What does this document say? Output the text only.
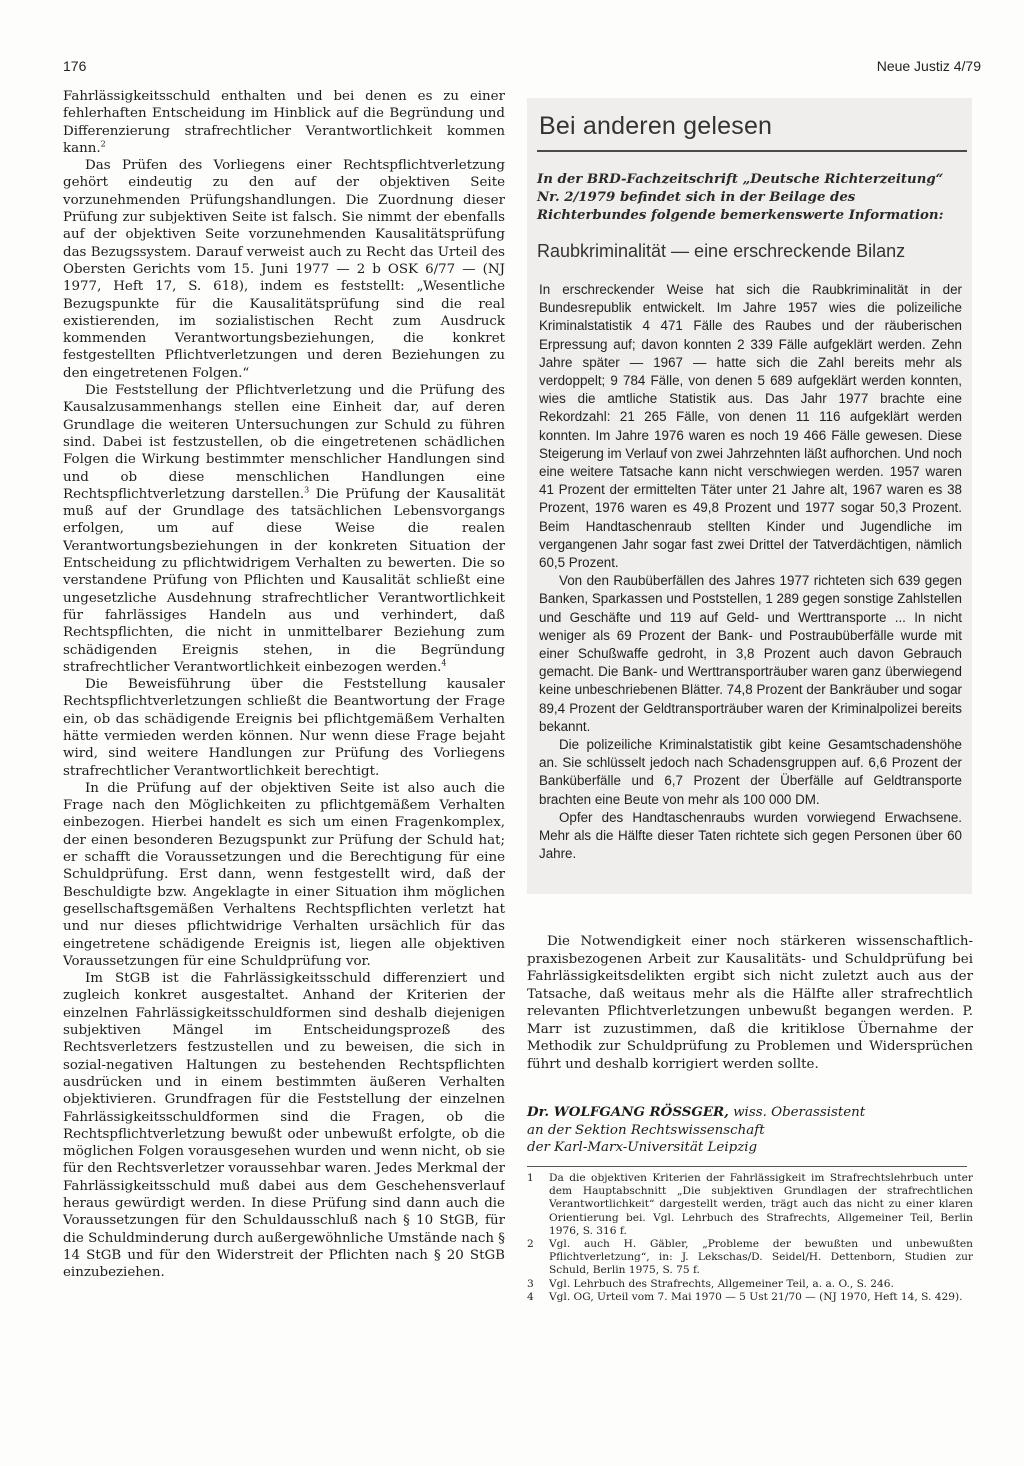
176	Neue Justiz 4/79

Fahrlässigkeitsschuld enthalten und bei denen es zu einer fehlerhaften Entscheidung im Hinblick auf die Begründung und Differenzierung strafrechtlicher Verantwortlichkeit kommen kann.$^2$

Das Prüfen des Vorliegens einer Rechtspflichtverletzung gehört eindeutig zu den auf der objektiven Seite vorzunehmenden Prüfungshandlungen. Die Zuordnung dieser Prüfung zur subjektiven Seite ist falsch. Sie nimmt der ebenfalls auf der objektiven Seite vorzunehmenden Kausalitätsprüfung das Bezugssystem. Darauf verweist auch zu Recht das Urteil des Obersten Gerichts vom 15. Juni 1977 — 2 b OSK 6/77 — (NJ 1977, Heft 17, S. 618), indem es feststellt: „Wesentliche Bezugspunkte für die Kausalitätsprüfung sind die real existierenden, im sozialistischen Recht zum Ausdruck kommenden Verantwortungsbeziehungen, die konkret festgestellten Pflichtverletzungen und deren Beziehungen zu den eingetretenen Folgen.“

Die Feststellung der Pflichtverletzung und die Prüfung des Kausalzusammenhangs stellen eine Einheit dar, auf deren Grundlage die weiteren Untersuchungen zur Schuld zu führen sind. Dabei ist festzustellen, ob die eingetretenen schädlichen Folgen die Wirkung bestimmter menschlicher Handlungen sind und ob diese menschlichen Handlungen eine Rechtspflichtverletzung darstellen.$^3$ Die Prüfung der Kausalität muß auf der Grundlage des tatsächlichen Lebensvorgangs erfolgen, um auf diese Weise die realen Verantwortungsbeziehungen in der konkreten Situation der Entscheidung zu pflichtwidrigem Verhalten zu bewerten. Die so verstandene Prüfung von Pflichten und Kausalität schließt eine ungesetzliche Ausdehnung strafrechtlicher Verantwortlichkeit für fahrlässiges Handeln aus und verhindert, daß Rechtspflichten, die nicht in unmittelbarer Beziehung zum schädigenden Ereignis stehen, in die Begründung strafrechtlicher Verantwortlichkeit einbezogen werden.$^4$

Die Beweisführung über die Feststellung kausaler Rechtspflichtverletzungen schließt die Beantwortung der Frage ein, ob das schädigende Ereignis bei pflichtgemäßem Verhalten hätte vermieden werden können. Nur wenn diese Frage bejaht wird, sind weitere Handlungen zur Prüfung des Vorliegens strafrechtlicher Verantwortlichkeit berechtigt.

In die Prüfung auf der objektiven Seite ist also auch die Frage nach den Möglichkeiten zu pflichtgemäßem Verhalten einbezogen. Hierbei handelt es sich um einen Fragenkomplex, der einen besonderen Bezugspunkt zur Prüfung der Schuld hat; er schafft die Voraussetzungen und die Berechtigung für eine Schuldprüfung. Erst dann, wenn festgestellt wird, daß der Beschuldigte bzw. Angeklagte in einer Situation ihm möglichen gesellschaftsgemäßen Verhaltens Rechtspflichten verletzt hat und nur dieses pflichtwidrige Verhalten ursächlich für das eingetretene schädigende Ereignis ist, liegen alle objektiven Voraussetzungen für eine Schuldprüfung vor.

Im StGB ist die Fahrlässigkeitsschuld differenziert und zugleich konkret ausgestaltet. Anhand der Kriterien der einzelnen Fahrlässigkeitsschuldformen sind deshalb diejenigen subjektiven Mängel im Entscheidungsprozeß des Rechtsverletzers festzustellen und zu beweisen, die sich in sozial-negativen Haltungen zu bestehenden Rechtspflichten ausdrücken und in einem bestimmten äußeren Verhalten objektivieren. Grundfragen für die Feststellung der einzelnen Fahrlässigkeitsschuldformen sind die Fragen, ob die Rechtspflichtverletzung bewußt oder unbewußt erfolgte, ob die möglichen Folgen vorausgesehen wurden und wenn nicht, ob sie für den Rechtsverletzer voraussehbar waren. Jedes Merkmal der Fahrlässigkeitsschuld muß dabei aus dem Geschehensverlauf heraus gewürdigt werden. In diese Prüfung sind dann auch die Voraussetzungen für den Schuldausschluß nach § 10 StGB, für die Schuldminderung durch außergewöhnliche Umstände nach § 14 StGB und für den Widerstreit der Pflichten nach § 20 StGB einzubeziehen.

Bei anderen gelesen
In der BRD-Fachzeitschrift „Deutsche Richterzeitung“ Nr. 2/1979 befindet sich in der Beilage des Richterbundes folgende bemerkenswerte Information:
Raubkriminalität — eine erschreckende Bilanz

In erschreckender Weise hat sich die Raubkriminalität in der Bundesrepublik entwickelt. Im Jahre 1957 wies die polizeiliche Kriminalstatistik 4 471 Fälle des Raubes und der räuberischen Erpressung auf; davon konnten 2 339 Fälle aufgeklärt werden. Zehn Jahre später — 1967 — hatte sich die Zahl bereits mehr als verdoppelt; 9 784 Fälle, von denen 5 689 aufgeklärt werden konnten, wies die amtliche Statistik aus. Das Jahr 1977 brachte eine Rekordzahl: 21 265 Fälle, von denen 11 116 aufgeklärt werden konnten. Im Jahre 1976 waren es noch 19 466 Fälle gewesen. Diese Steigerung im Verlauf von zwei Jahrzehnten läßt aufhorchen. Und noch eine weitere Tatsache kann nicht verschwiegen werden. 1957 waren 41 Prozent der ermittelten Täter unter 21 Jahre alt, 1967 waren es 38 Prozent, 1976 waren es 49,8 Prozent und 1977 sogar 50,3 Prozent. Beim Handtaschenraub stellten Kinder und Jugendliche im vergangenen Jahr sogar fast zwei Drittel der Tatverdächtigen, nämlich 60,5 Prozent.

Von den Raubüberfällen des Jahres 1977 richteten sich 639 gegen Banken, Sparkassen und Poststellen, 1 289 gegen sonstige Zahlstellen und Geschäfte und 119 auf Geld- und Werttransporte ... In nicht weniger als 69 Prozent der Bank- und Postraubüberfälle wurde mit einer Schußwaffe gedroht, in 3,8 Prozent auch davon Gebrauch gemacht. Die Bank- und Werttransporträuber waren ganz überwiegend keine unbeschriebenen Blätter. 74,8 Prozent der Bankräuber und sogar 89,4 Prozent der Geldtransporträuber waren der Kriminalpolizei bereits bekannt.

Die polizeiliche Kriminalstatistik gibt keine Gesamtschadenshöhe an. Sie schlüsselt jedoch nach Schadensgruppen auf. 6,6 Prozent der Banküberfälle und 6,7 Prozent der Überfälle auf Geldtransporte brachten eine Beute von mehr als 100 000 DM.

Opfer des Handtaschenraubs wurden vorwiegend Erwachsene. Mehr als die Hälfte dieser Taten richtete sich gegen Personen über 60 Jahre.

Die Notwendigkeit einer noch stärkeren wissenschaftlich-praxisbezogenen Arbeit zur Kausalitäts- und Schuldprüfung bei Fahrlässigkeitsdelikten ergibt sich nicht zuletzt auch aus der Tatsache, daß weitaus mehr als die Hälfte aller strafrechtlich relevanten Pflichtverletzungen unbewußt begangen werden. P. Marr ist zuzustimmen, daß die kritiklose Übernahme der Methodik zur Schuldprüfung zu Problemen und Widersprüchen führt und deshalb korrigiert werden sollte.

Dr. WOLFGANG RÖSSGER, wiss. Oberassistent
an der Sektion Rechtswissenschaft
der Karl-Marx-Universität Leipzig
1	Da die objektiven Kriterien der Fahrlässigkeit im Strafrechtslehrbuch unter dem Hauptabschnitt „Die subjektiven Grundlagen der strafrechtlichen Verantwortlichkeit“ dargestellt werden, trägt auch das nicht zu einer klaren Orientierung bei. Vgl. Lehrbuch des Strafrechts, Allgemeiner Teil, Berlin 1976, S. 316 f.
2	Vgl. auch H. Gäbler, „Probleme der bewußten und unbewußten Pflichtverletzung“, in: J. Lekschas/D. Seidel/H. Dettenborn, Studien zur Schuld, Berlin 1975, S. 75 f.
3	Vgl. Lehrbuch des Strafrechts, Allgemeiner Teil, a. a. O., S. 246.
4	Vgl. OG, Urteil vom 7. Mai 1970 — 5 Ust 21/70 — (NJ 1970, Heft 14, S. 429).
